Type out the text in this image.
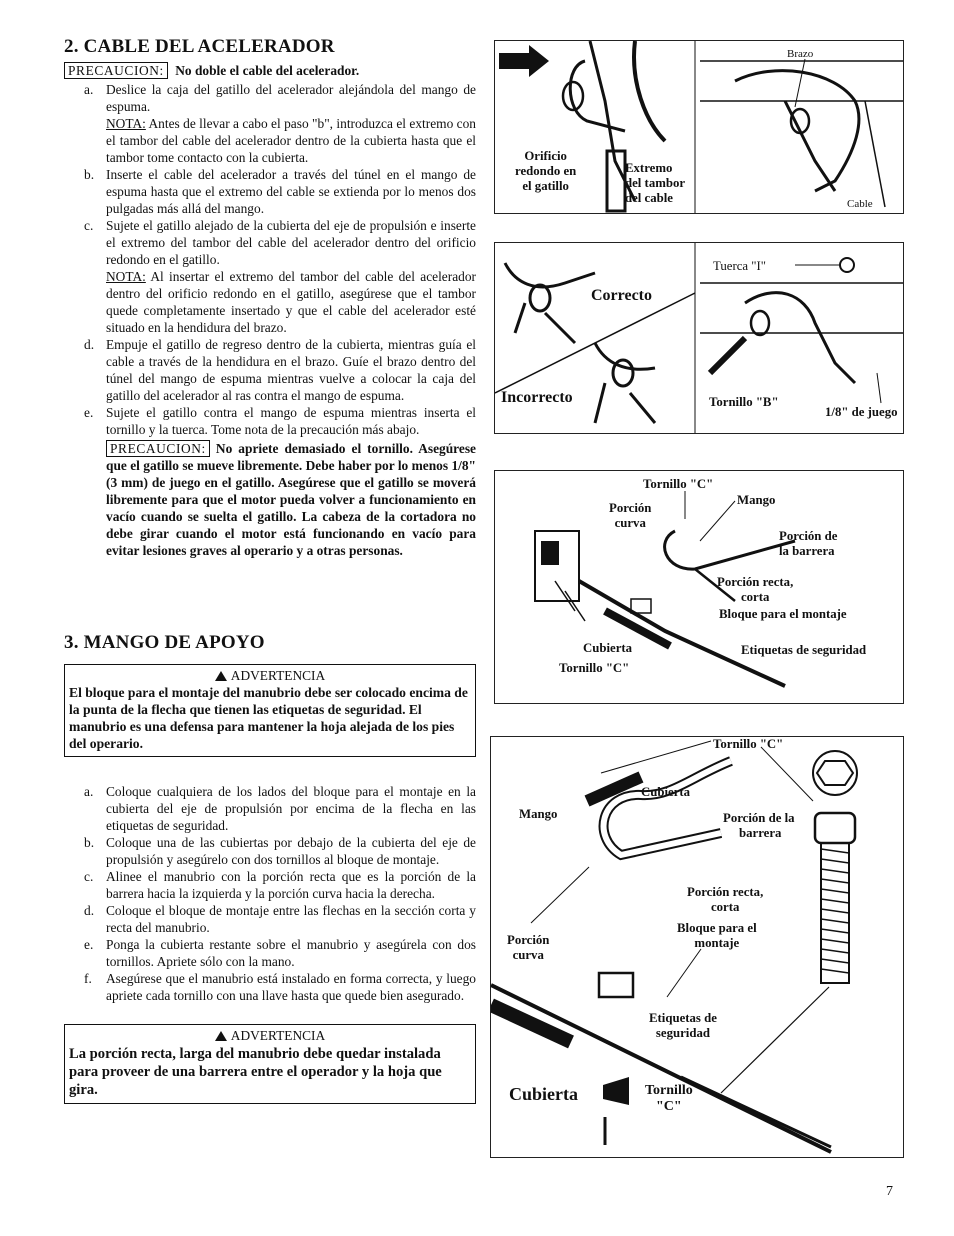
2. CABLE DEL ACELERADOR
PRECAUCION: No doble el cable del acelerador.
a. Deslice la caja del gatillo del acelerador alejándola del mango de espuma.
NOTA: Antes de llevar a cabo el paso "b", introduzca el extremo con el tambor del cable del acelerador dentro de la cubierta hasta que el tambor tome contacto con la cubierta.
b. Inserte el cable del acelerador a través del túnel en el mango de espuma hasta que el extremo del cable se extienda por lo menos dos pulgadas más allá del mango.
c. Sujete el gatillo alejado de la cubierta del eje de propulsión e inserte el extremo del tambor del cable del acelerador dentro del orificio redondo en el gatillo.
NOTA: Al insertar el extremo del tambor del cable del acelerador dentro del orificio redondo en el gatillo, asegúrese que el tambor quede completamente insertado y que el cable del acelerador esté situado en la hendidura del brazo.
d. Empuje el gatillo de regreso dentro de la cubierta, mientras guía el cable a través de la hendidura en el brazo. Guíe el brazo dentro del túnel del mango de espuma mientras vuelve a colocar la caja del gatillo del acelerador al ras contra el mango de espuma.
e. Sujete el gatillo contra el mango de espuma mientras inserta el tornillo y la tuerca. Tome nota de la precaución más abajo.
PRECAUCION: No apriete demasiado el tornillo. Asegúrese que el gatillo se mueve libremente. Debe haber por lo menos 1/8" (3 mm) de juego en el gatillo. Asegúrese que el gatillo se moverá libremente para que el motor pueda volver a funcionamiento en vacío cuando se suelta el gatillo. La cabeza de la cortadora no debe girar cuando el motor está funcionando en vacío para evitar lesiones graves al operario y a otras personas.
3. MANGO DE APOYO
ADVERTENCIA
El bloque para el montaje del manubrio debe ser colocado encima de la punta de la flecha que tienen las etiquetas de seguridad. El manubrio es una defensa para mantener la hoja alejada de los pies del operario.
a. Coloque cualquiera de los lados del bloque para el montaje en la cubierta del eje de propulsión por encima de la flecha en las etiquetas de seguridad.
b. Coloque una de las cubiertas por debajo de la cubierta del eje de propulsión y asegúrelo con dos tornillos al bloque de montaje.
c. Alinee el manubrio con la porción recta que es la porción de la barrera hacia la izquierda y la porción curva hacia la derecha.
d. Coloque el bloque de montaje entre las flechas en la sección corta y recta del manubrio.
e. Ponga la cubierta restante sobre el manubrio y asegúrela con dos tornillos. Apriete sólo con la mano.
f.	Asegúrese que el manubrio está instalado en forma correcta, y luego apriete cada tornillo con una llave hasta que quede bien asegurado.
ADVERTENCIA
La porción recta, larga del manubrio debe quedar instalada para proveer de una barrera entre el operador y la hoja que gira.
Brazo
Orificio
redondo en
el gatillo
Extremo
del tambor
del cable	Cable
Correcto
Incorrecto
Tuerca "I"
Tornillo "B"
1/8" de juego
Tornillo "C"
Porción
curva
Mango
Porción de
la barrera
Porción recta,
corta
Bloque para el montaje
Cubierta
Tornillo "C"
Etiquetas de seguridad
Tornillo "C"
Cubierta
Mango	Porción de la
barrera
Porción recta,
corta
Porción
curva
Bloque para el
montaje
Etiquetas de
seguridad
Cubierta	Tornillo
"C"
7
